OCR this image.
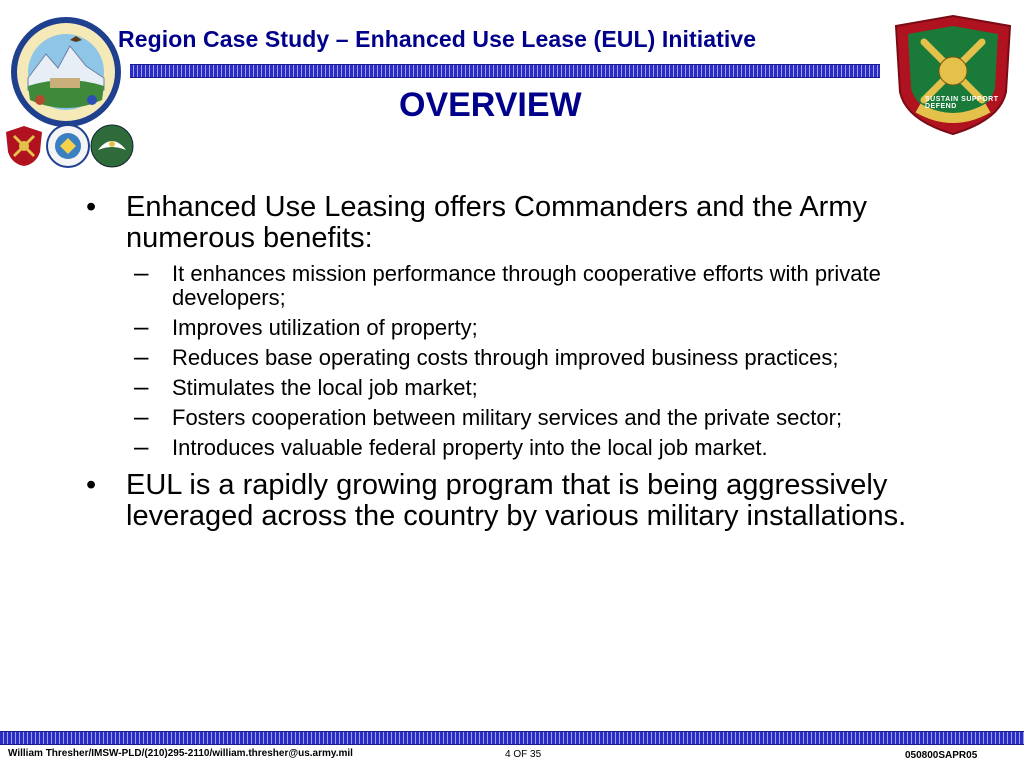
Region Case Study – Enhanced Use Lease (EUL) Initiative
OVERVIEW	SUSTAIN SUPPORT DEFEND
• Enhanced Use Leasing offers Commanders and the Army numerous benefits:
– It enhances mission performance through cooperative efforts with private developers;
– Improves utilization of property;
– Reduces base operating costs through improved business practices;
– Stimulates the local job market;
– Fosters cooperation between military services and the private sector;
– Introduces valuable federal property into the local job market.
• EUL is a rapidly growing program that is being aggressively leveraged across the country by various military installations.
William Thresher/IMSW-PLD/(210)295-2110/william.thresher@us.army.mil	4 OF 35	050800SAPR05
